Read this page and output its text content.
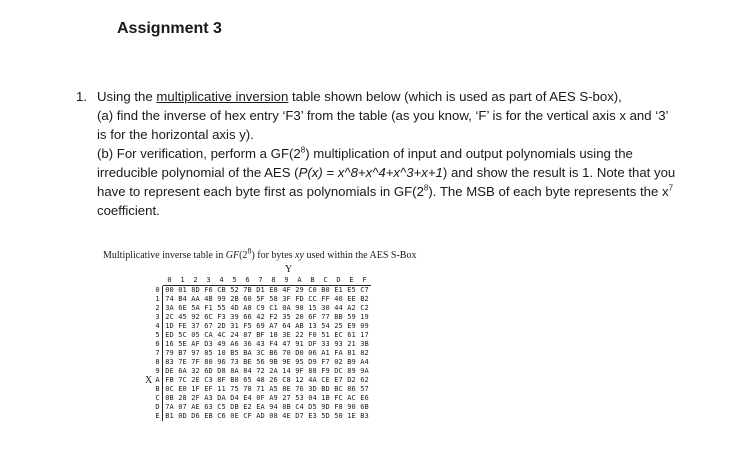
Assignment 3
1. Using the multiplicative inversion table shown below (which is used as part of AES S-box),

(a) find the inverse of hex entry ‘F3’ from the table (as you know, ‘F’ is for the vertical axis x and ‘3’ is for the horizontal axis y).

(b) For verification, perform a $GF(2^8)$ multiplication of input and output polynomials using the irreducible polynomial of the AES (P(x) = x^8+x^4+x^3+x+1) and show the result is 1. Note that you have to represent each byte first as polynomials in $GF(2^8)$. The MSB of each byte represents the $x^7$ coefficient.

Multiplicative inverse table in $GF(2^8)$ for bytes xy used within the AES S-Box
Y
X
0	1	2	3	4	5	6	7	8	9	A	B	C	D	E	F
0 00 01 8D F6 CB 52 7B D1 E8 4F 29 C0 B0 E1 E5 C7
1 74 B4 AA 4B 99 2B 60 5F 58 3F FD CC FF 40 EE B2
2 3A 6E 5A F1 55 4D A8 C9 C1 0A 98 15 30 44 A2 C2
3 2C 45 92 6C F3 39 66 42 F2 35 20 6F 77 BB 59 19
4 1D FE 37 67 2D 31 F5 69 A7 64 AB 13 54 25 E9 09
5 ED 5C 05 CA 4C 24 87 BF 18 3E 22 F0 51 EC 61 17
6 16 5E AF D3 49 A6 36 43 F4 47 91 DF 33 93 21 3B
7 79 B7 97 85 10 B5 BA 3C B6 70 D0 06 A1 FA 81 82
8 83 7E 7F 80 96 73 BE 56 9B 9E 95 D9 F7 02 B9 A4
9 DE 6A 32 6D D8 8A 84 72 2A 14 9F 88 F9 DC 89 9A
A FB 7C 2E C3 8F B8 65 48 26 C8 12 4A CE E7 D2 62
B 0C E0 1F EF 11 75 78 71 A5 8E 76 3D BD BC 86 57
C 0B 28 2F A3 DA D4 E4 0F A9 27 53 04 1B FC AC E6
D 7A 07 AE 63 C5 DB E2 EA 94 8B C4 D5 9D F8 90 6B
E B1 0D D6 EB C6 0E CF AD 08 4E D7 E3 5D 50 1E B3
